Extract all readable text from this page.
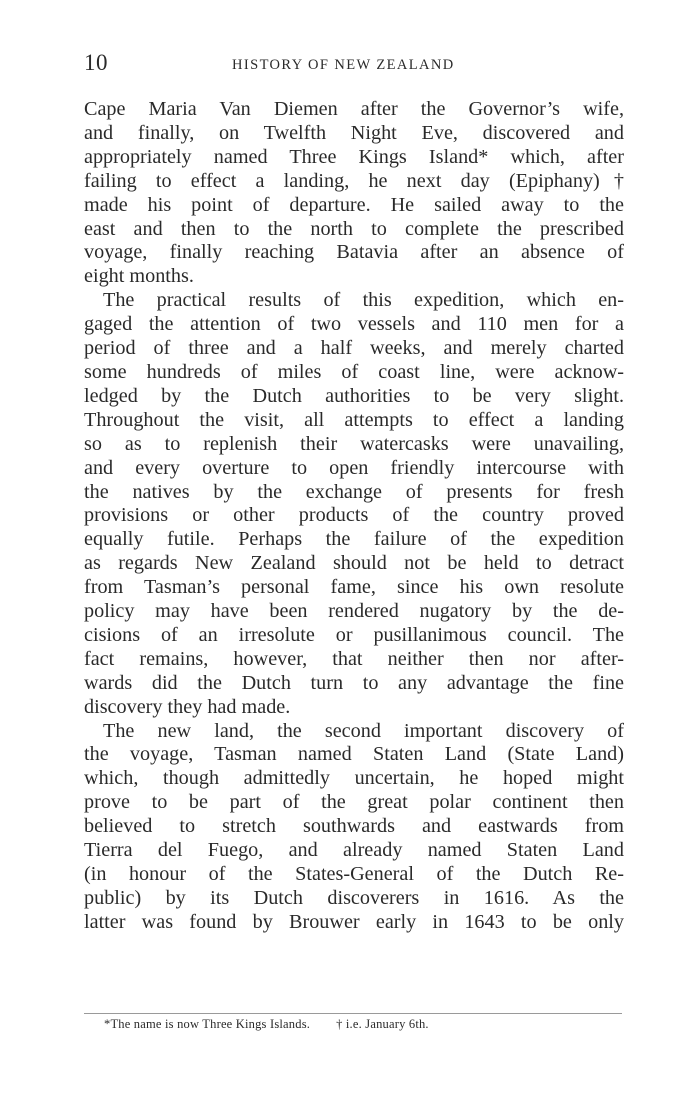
10	HISTORY OF NEW ZEALAND
Cape Maria Van Diemen after the Governor’s wife,
and finally, on Twelfth Night Eve, discovered and
appropriately named Three Kings Island* which, after
failing to effect a landing, he next day (Epiphany)†
made his point of departure. He sailed away to the
east and then to the north to complete the prescribed
voyage, finally reaching Batavia after an absence of
eight months.
The practical results of this expedition, which en-
gaged the attention of two vessels and 110 men for a
period of three and a half weeks, and merely charted
some hundreds of miles of coast line, were acknow-
ledged by the Dutch authorities to be very slight.
Throughout the visit, all attempts to effect a landing
so as to replenish their watercasks were unavailing,
and every overture to open friendly intercourse with
the natives by the exchange of presents for fresh
provisions or other products of the country proved
equally futile. Perhaps the failure of the expedition
as regards New Zealand should not be held to detract
from Tasman’s personal fame, since his own resolute
policy may have been rendered nugatory by the de-
cisions of an irresolute or pusillanimous council. The
fact remains, however, that neither then nor after-
wards did the Dutch turn to any advantage the fine
discovery they had made.
The new land, the second important discovery of
the voyage, Tasman named Staten Land (State Land)
which, though admittedly uncertain, he hoped might
prove to be part of the great polar continent then
believed to stretch southwards and eastwards from
Tierra del Fuego, and already named Staten Land
(in honour of the States-General of the Dutch Re-
public) by its Dutch discoverers in 1616. As the
latter was found by Brouwer early in 1643 to be only
*The name is now Three Kings Islands. † i.e. January 6th.
